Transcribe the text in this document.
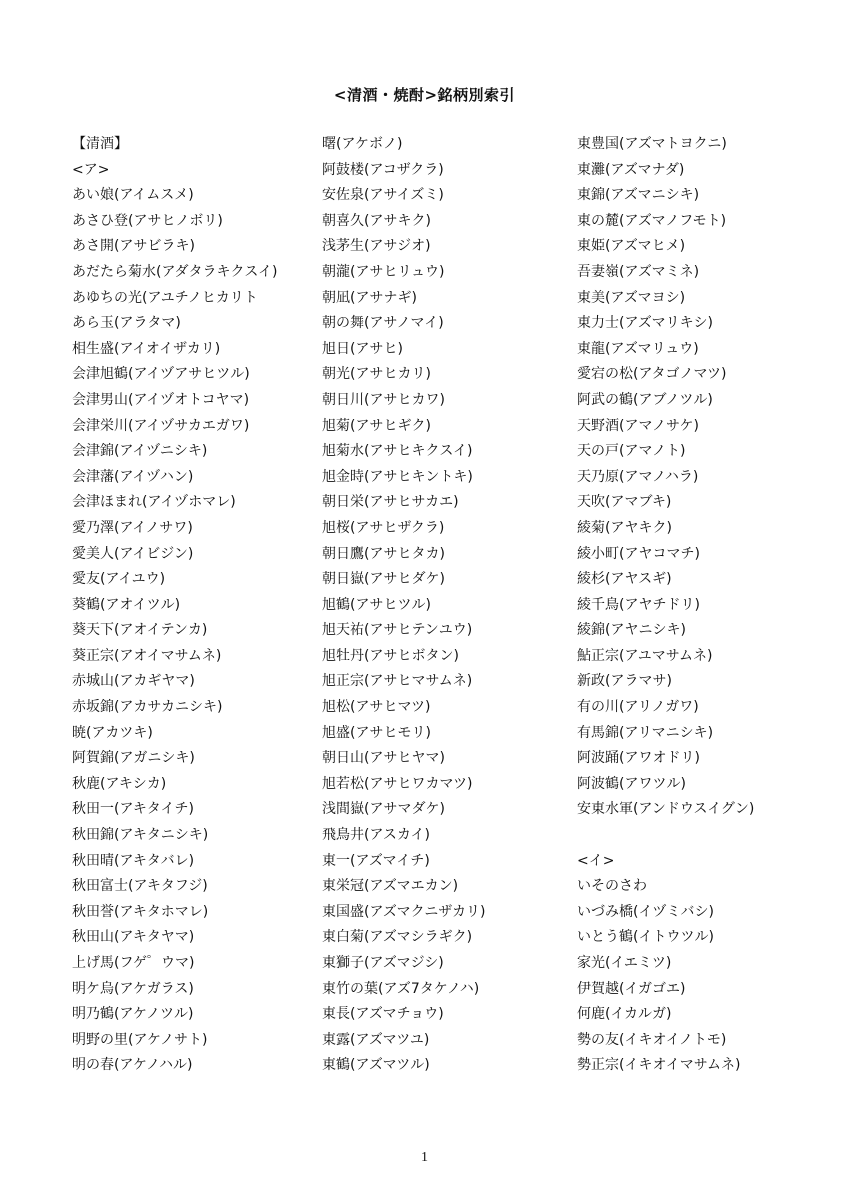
<清酒・焼酎>銘柄別索引
【清酒】
<ア>
あい娘(アイムスメ)
あさひ登(アサヒノボリ)
あさ開(アサビラキ)
あだたら菊水(アダタラキクスイ)
あゆちの光(アユチノヒカリト
あら玉(アラタマ)
相生盛(アイオイザカリ)
会津旭鶴(アイヅアサヒツル)
会津男山(アイヅオトコヤマ)
会津栄川(アイヅサカエガワ)
会津錦(アイヅニシキ)
会津藩(アイヅハン)
会津ほまれ(アイヅホマレ)
愛乃澤(アイノサワ)
愛美人(アイビジン)
愛友(アイユウ)
葵鶴(アオイツル)
葵天下(アオイテンカ)
葵正宗(アオイマサムネ)
赤城山(アカギヤマ)
赤坂錦(アカサカニシキ)
暁(アカツキ)
阿賀錦(アガニシキ)
秋鹿(アキシカ)
秋田一(アキタイチ)
秋田錦(アキタニシキ)
秋田晴(アキタバレ)
秋田富士(アキタフジ)
秋田誉(アキタホマレ)
秋田山(アキタヤマ)
上げ馬(フゲ゜ウマ)
明ケ烏(アケガラス)
明乃鶴(アケノツル)
明野の里(アケノサト)
明の春(アケノハル)
曙(アケボノ)
阿鼓楼(アコザクラ)
安佐泉(アサイズミ)
朝喜久(アサキク)
浅茅生(アサジオ)
朝瀧(アサヒリュウ)
朝凪(アサナギ)
朝の舞(アサノマイ)
旭日(アサヒ)
朝光(アサヒカリ)
朝日川(アサヒカワ)
旭菊(アサヒギク)
旭菊水(アサヒキクスイ)
旭金時(アサヒキントキ)
朝日栄(アサヒサカエ)
旭桜(アサヒザクラ)
朝日鷹(アサヒタカ)
朝日嶽(アサヒダケ)
旭鶴(アサヒツル)
旭天祐(アサヒテンユウ)
旭牡丹(アサヒボタン)
旭正宗(アサヒマサムネ)
旭松(アサヒマツ)
旭盛(アサヒモリ)
朝日山(アサヒヤマ)
旭若松(アサヒワカマツ)
浅間嶽(アサマダケ)
飛鳥井(アスカイ)
東一(アズマイチ)
東栄冠(アズマエカン)
東国盛(アズマクニザカリ)
東白菊(アズマシラギク)
東獅子(アズマジシ)
東竹の葉(アズ7タケノハ)
東長(アズマチョウ)
東露(アズマツユ)
東鶴(アズマツル)
東豊国(アズマトヨクニ)
東灘(アズマナダ)
東錦(アズマニシキ)
東の麓(アズマノフモト)
東姫(アズマヒメ)
吾妻嶺(アズマミネ)
東美(アズマヨシ)
東力士(アズマリキシ)
東龍(アズマリュウ)
愛宕の松(アタゴノマツ)
阿武の鶴(アブノツル)
天野酒(アマノサケ)
天の戸(アマノト)
天乃原(アマノハラ)
天吹(アマブキ)
綾菊(アヤキク)
綾小町(アヤコマチ)
綾杉(アヤスギ)
綾千鳥(アヤチドリ)
綾錦(アヤニシキ)
鮎正宗(アユマサムネ)
新政(アラマサ)
有の川(アリノガワ)
有馬錦(アリマニシキ)
阿波踊(アワオドリ)
阿波鶴(アワツル)
安東水軍(アンドウスイグン)
<イ>
いそのさわ
いづみ橋(イヅミバシ)
いとう鶴(イトウツル)
家光(イエミツ)
伊賀越(イガゴエ)
何鹿(イカルガ)
勢の友(イキオイノトモ)
勢正宗(イキオイマサムネ)
1
